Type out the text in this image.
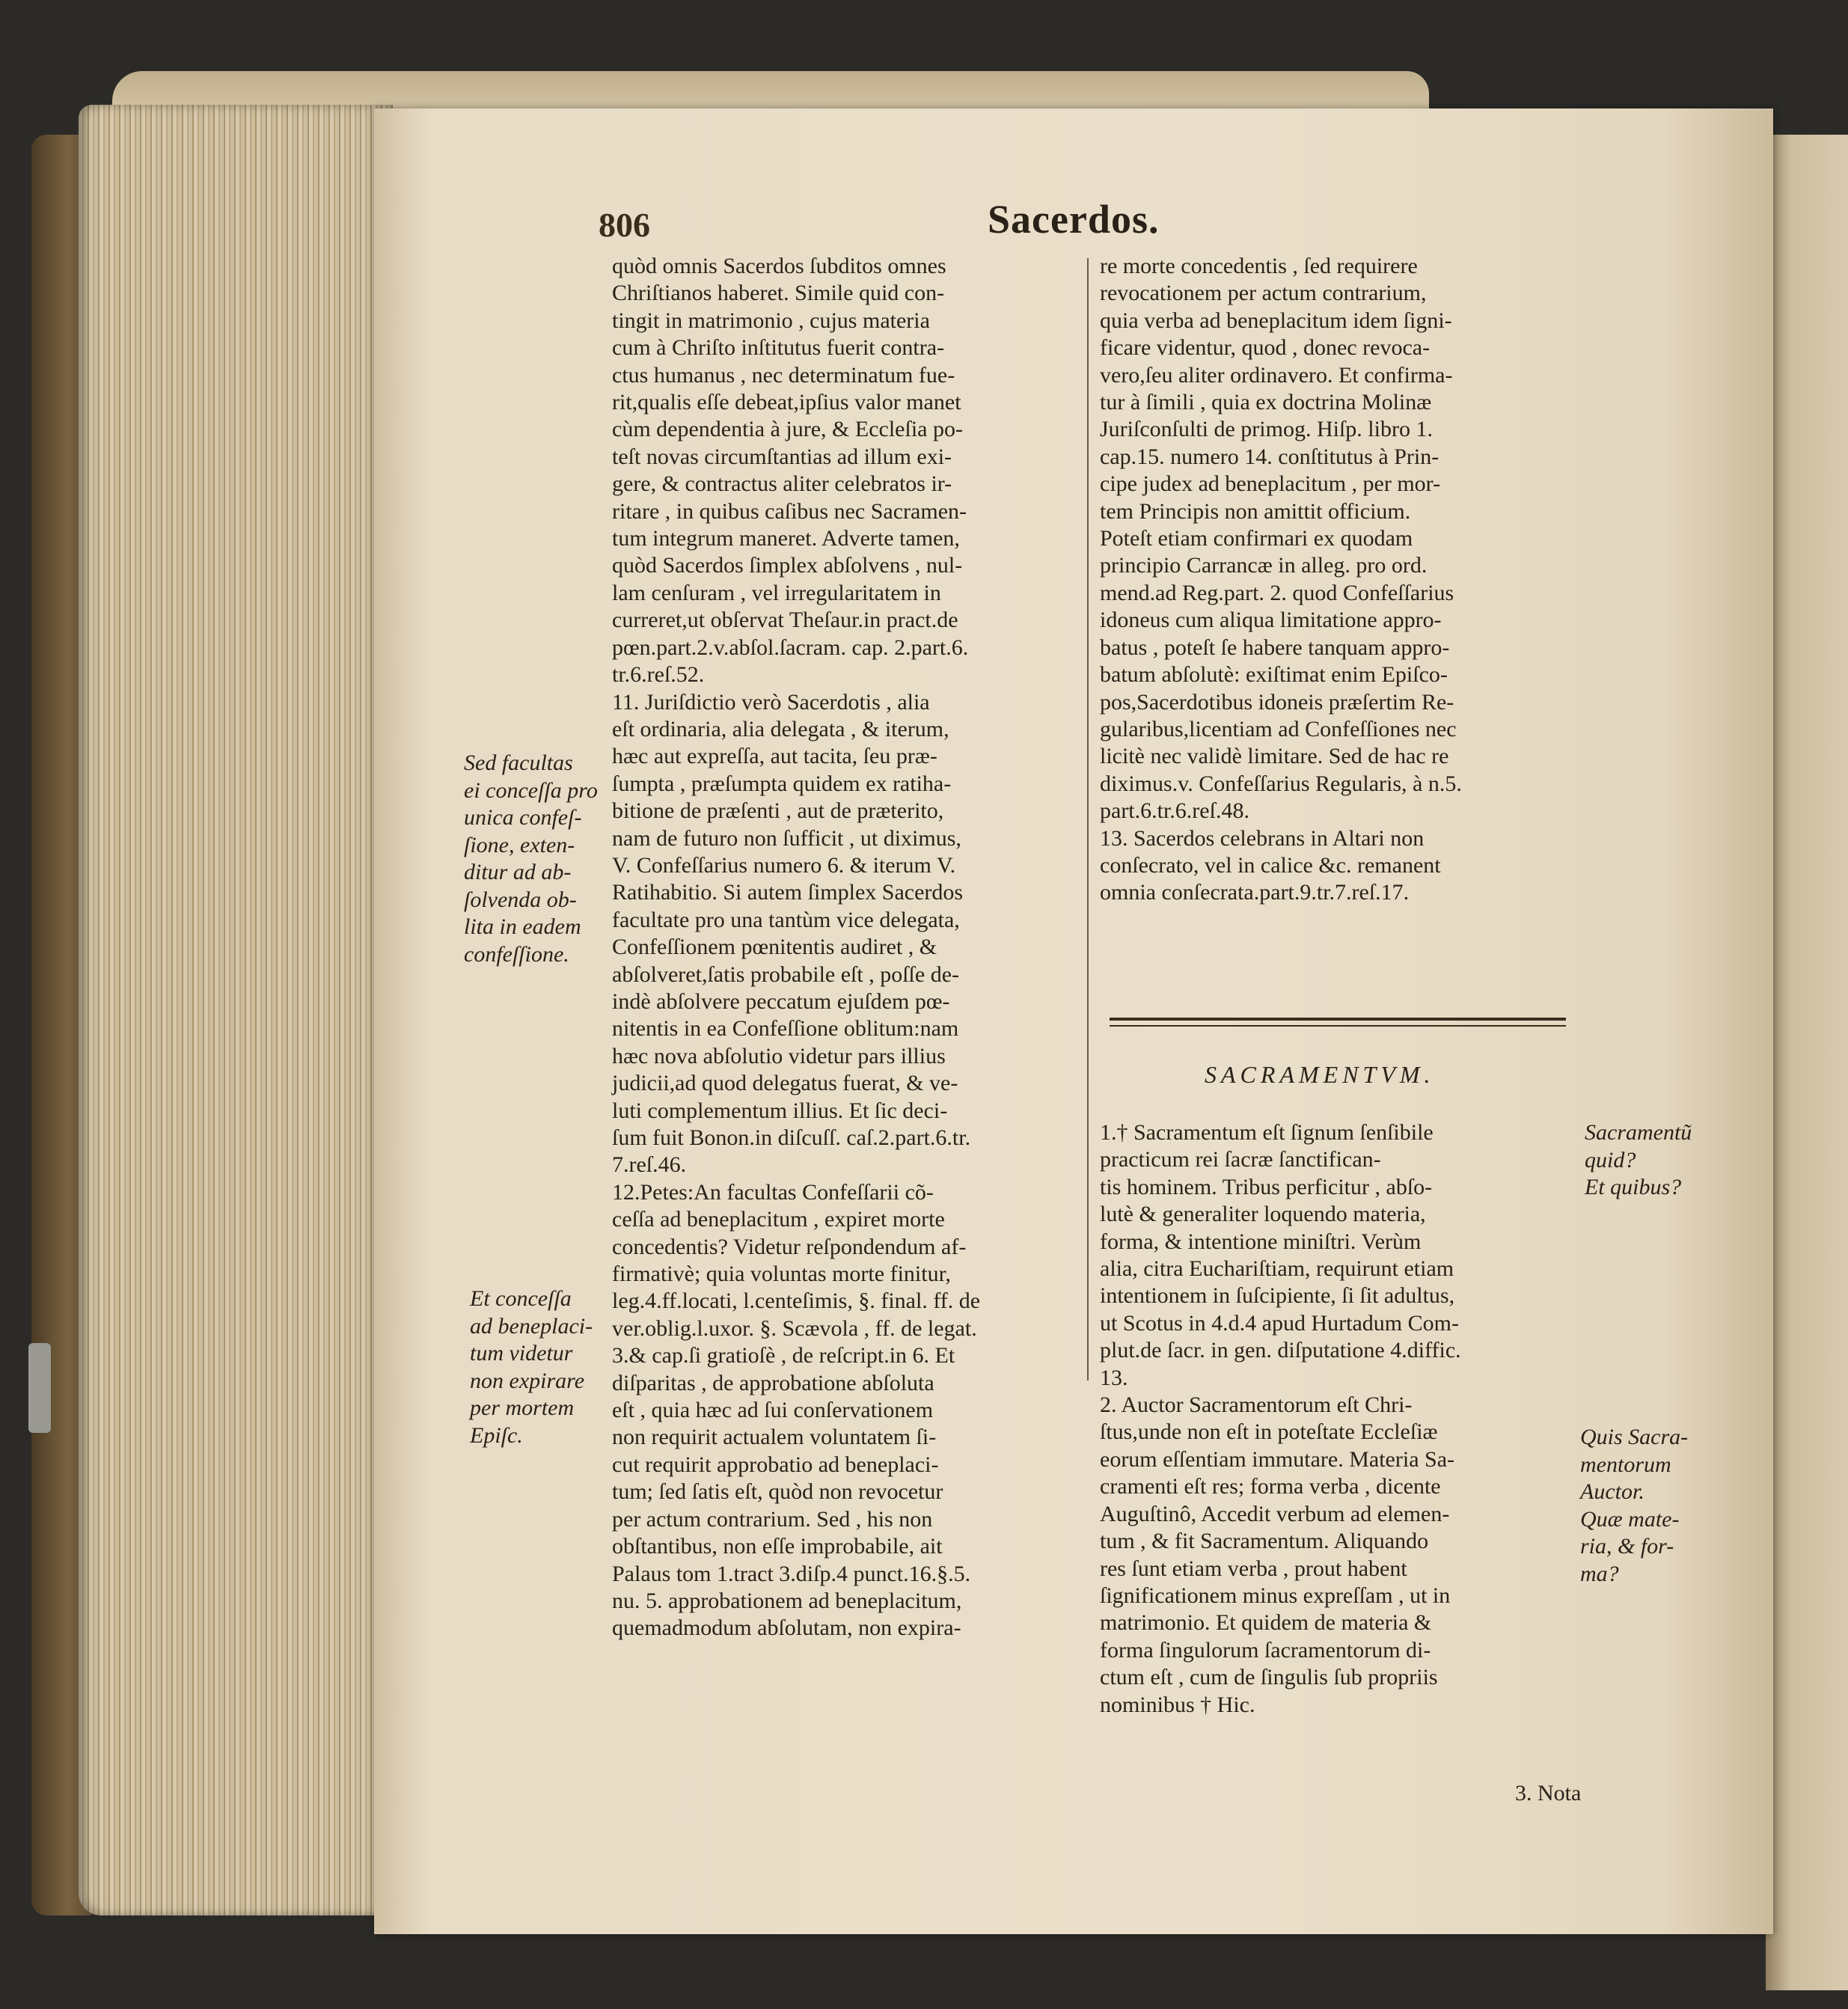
806	Sacerdos.
quòd omnis Sacerdos ſubditos omnes
Chriſtianos haberet. Simile quid con-
tingit in matrimonio , cujus materia
cum à Chriſto inſtitutus fuerit contra-
ctus humanus , nec determinatum fue-
rit,qualis eſſe debeat,ipſius valor manet
cùm dependentia à jure, & Eccleſia po-
teſt novas circumſtantias ad illum exi-
gere, & contractus aliter celebratos ir-
ritare , in quibus caſibus nec Sacramen-
tum integrum maneret. Adverte tamen,
quòd Sacerdos ſimplex abſolvens , nul-
lam cenſuram , vel irregularitatem in
curreret,ut obſervat Theſaur.in pract.de
pœn.part.2.v.abſol.ſacram. cap. 2.part.6.
tr.6.reſ.52.
11. Juriſdictio verò Sacerdotis , alia
eſt ordinaria, alia delegata , & iterum,
hæc aut expreſſa, aut tacita, ſeu præ-
ſumpta , præſumpta quidem ex ratiha-
bitione de præſenti , aut de præterito,
nam de futuro non ſufficit , ut diximus,
V. Confeſſarius numero 6. & iterum V.
Ratihabitio. Si autem ſimplex Sacerdos
facultate pro una tantùm vice delegata,
Confeſſionem pœnitentis audiret , &
abſolveret,ſatis probabile eſt , poſſe de-
indè abſolvere peccatum ejuſdem pœ-
nitentis in ea Confeſſione oblitum:nam
hæc nova abſolutio videtur pars illius
judicii,ad quod delegatus fuerat, & ve-
luti complementum illius. Et ſic deci-
ſum fuit Bonon.in diſcuſſ. caſ.2.part.6.tr.
7.reſ.46.
12.Petes:An facultas Confeſſarii cõ-
ceſſa ad beneplacitum , expiret morte
concedentis? Videtur reſpondendum af-
firmativè; quia voluntas morte finitur,
leg.4.ff.locati, l.centeſimis, §. final. ff. de
ver.oblig.l.uxor. §. Scævola , ff. de legat.
3.& cap.ſi gratioſè , de reſcript.in 6. Et
diſparitas , de approbatione abſoluta
eſt , quia hæc ad ſui conſervationem
non requirit actualem voluntatem ſi-
cut requirit approbatio ad beneplaci-
tum; ſed ſatis eſt, quòd non revocetur
per actum contrarium. Sed , his non
obſtantibus, non eſſe improbabile, ait
Palaus tom 1.tract 3.diſp.4 punct.16.§.5.
nu. 5. approbationem ad beneplacitum,
quemadmodum abſolutam, non expira-
re morte concedentis , ſed requirere
revocationem per actum contrarium,
quia verba ad beneplacitum idem ſigni-
ficare videntur, quod , donec revoca-
vero,ſeu aliter ordinavero. Et confirma-
tur à ſimili , quia ex doctrina Molinæ
Juriſconſulti de primog. Hiſp. libro 1.
cap.15. numero 14. conſtitutus à Prin-
cipe judex ad beneplacitum , per mor-
tem Principis non amittit officium.
Poteſt etiam confirmari ex quodam
principio Carrancæ in alleg. pro ord.
mend.ad Reg.part. 2. quod Confeſſarius
idoneus cum aliqua limitatione appro-
batus , poteſt ſe habere tanquam appro-
batum abſolutè: exiſtimat enim Epiſco-
pos,Sacerdotibus idoneis præſertim Re-
gularibus,licentiam ad Confeſſiones nec
licitè nec validè limitare. Sed de hac re
diximus.v. Confeſſarius Regularis, à n.5.
part.6.tr.6.reſ.48.
13. Sacerdos celebrans in Altari non
conſecrato, vel in calice &c. remanent
omnia conſecrata.part.9.tr.7.reſ.17.
SACRAMENTVM.
1.† Sacramentum eſt ſignum ſenſibile
practicum rei ſacræ ſanctifican-
tis hominem. Tribus perficitur , abſo-
lutè & generaliter loquendo materia,
forma, & intentione miniſtri. Verùm
alia, citra Euchariſtiam, requirunt etiam
intentionem in ſuſcipiente, ſi ſit adultus,
ut Scotus in 4.d.4 apud Hurtadum Com-
plut.de ſacr. in gen. diſputatione 4.diffic.
13.
2. Auctor Sacramentorum eſt Chri-
ſtus,unde non eſt in poteſtate Eccleſiæ
eorum eſſentiam immutare. Materia Sa-
cramenti eſt res; forma verba , dicente
Auguſtinô, Accedit verbum ad elemen-
tum , & fit Sacramentum. Aliquando
res ſunt etiam verba , prout habent
ſignificationem minus expreſſam , ut in
matrimonio. Et quidem de materia &
forma ſingulorum ſacramentorum di-
ctum eſt , cum de ſingulis ſub propriis
nominibus † Hic.
Sed facultas
ei conceſſa pro
unica confeſ-
ſione, exten-
ditur ad ab-
ſolvenda ob-
lita in eadem
confeſſione.
Et conceſſa
ad beneplaci-
tum videtur
non expirare
per mortem
Epiſc.
Sacramentũ
quid?
Et quibus?
Quis Sacra-
mentorum
Auctor.
Quæ mate-
ria, & for-
ma?
3. Nota
